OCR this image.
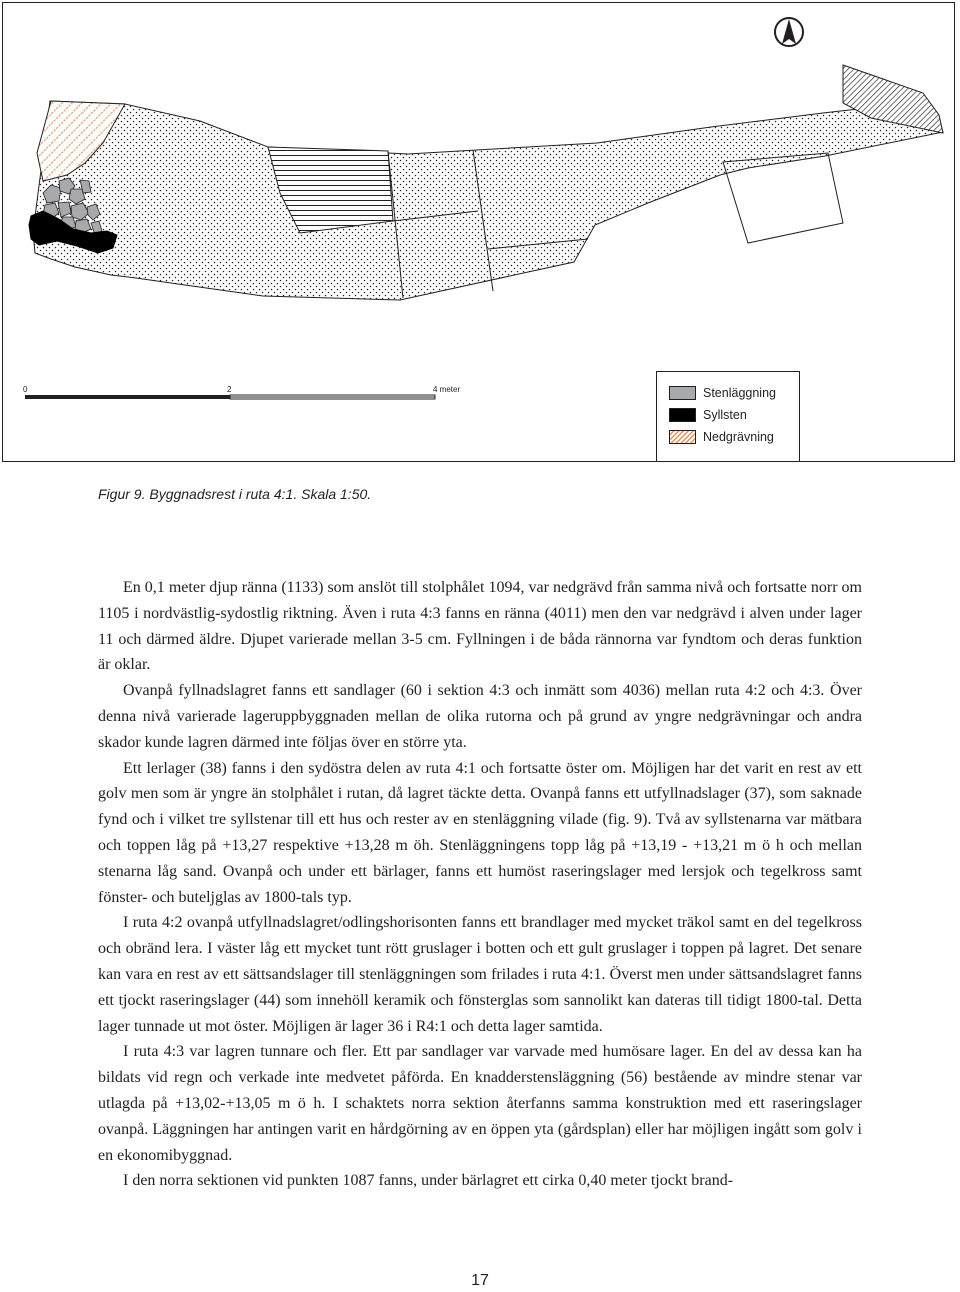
0	2	4 meter	Stenläggning
Syllsten
Nedgrävning
Figur 9. Byggnadsrest i ruta 4:1. Skala 1:50.

En 0,1 meter djup ränna (1133) som anslöt till stolphålet 1094, var nedgrävd från samma nivå och fortsatte norr om 1105 i nordvästlig-sydostlig riktning. Även i ruta 4:3 fanns en ränna (4011) men den var nedgrävd i alven under lager 11 och därmed äldre. Djupet varierade mellan 3-5 cm. Fyllningen i de båda rännorna var fyndtom och deras funktion är oklar.

Ovanpå fyllnadslagret fanns ett sandlager (60 i sektion 4:3 och inmätt som 4036) mellan ruta 4:2 och 4:3. Över denna nivå varierade lageruppbyggnaden mellan de olika rutorna och på grund av yngre nedgrävningar och andra skador kunde lagren därmed inte följas över en större yta.

Ett lerlager (38) fanns i den sydöstra delen av ruta 4:1 och fortsatte öster om. Möjligen har det varit en rest av ett golv men som är yngre än stolphålet i rutan, då lagret täckte detta. Ovanpå fanns ett utfyllnadslager (37), som saknade fynd och i vilket tre syllstenar till ett hus och rester av en stenläggning vilade (fig. 9). Två av syllstenarna var mätbara och toppen låg på +13,27 respektive +13,28 m öh. Stenläggningens topp låg på +13,19 - +13,21 m ö h och mellan stenarna låg sand. Ovanpå och under ett bärlager, fanns ett humöst raseringslager med lersjok och tegelkross samt fönster- och buteljglas av 1800-tals typ.

I ruta 4:2 ovanpå utfyllnadslagret/odlingshorisonten fanns ett brandlager med mycket träkol samt en del tegelkross och obränd lera. I väster låg ett mycket tunt rött gruslager i botten och ett gult gruslager i toppen på lagret. Det senare kan vara en rest av ett sättsandslager till stenläggningen som frilades i ruta 4:1. Överst men under sättsandslagret fanns ett tjockt raseringslager (44) som innehöll keramik och fönsterglas som sannolikt kan dateras till tidigt 1800-tal. Detta lager tunnade ut mot öster. Möjligen är lager 36 i R4:1 och detta lager samtida.

I ruta 4:3 var lagren tunnare och fler. Ett par sandlager var varvade med humösare lager. En del av dessa kan ha bildats vid regn och verkade inte medvetet påförda. En knadderstensläggning (56) bestående av mindre stenar var utlagda på +13,02-+13,05 m ö h. I schaktets norra sektion återfanns samma konstruktion med ett raseringslager ovanpå. Läggningen har antingen varit en hårdgörning av en öppen yta (gårdsplan) eller har möjligen ingått som golv i en ekonomibyggnad.

I den norra sektionen vid punkten 1087 fanns, under bärlagret ett cirka 0,40 meter tjockt brand-

17
